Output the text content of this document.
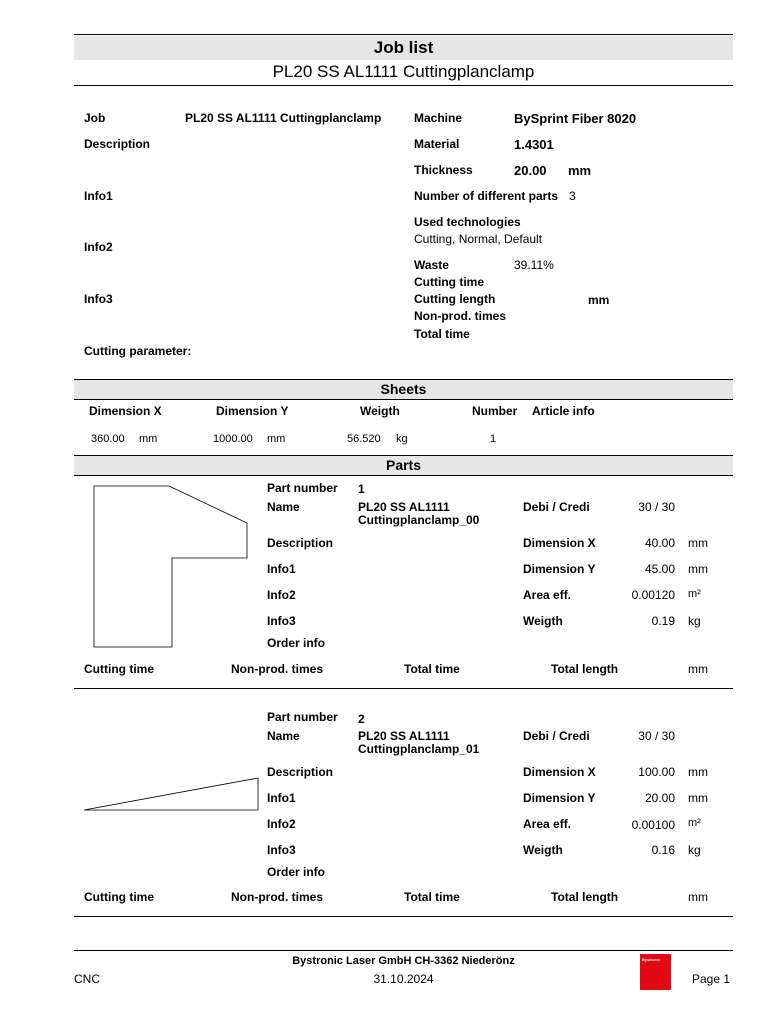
Job list
PL20 SS AL1111 Cuttingplanclamp
Job	PL20 SS AL1111 Cuttingplanclamp
Description
Info1
Info2
Info3
Cutting parameter:
Machine	BySprint Fiber 8020
Material	1.4301
Thickness	20.00 mm
Number of different parts 3
Used technologies
Cutting, Normal, Default
Waste	39.11%
Cutting time
Cutting length	mm
Non-prod. times
Total time
Sheets
Dimension X	Dimension Y	Weigth	Number Article info
360.00 mm	1000.00 mm	56.520 kg	1
Parts
Part number 1
Name	PL20 SS AL1111
Cuttingplanclamp_00
Debi / Credi	30 / 30
Description	Dimension X	40.00 mm
Info1	Dimension Y	45.00 mm
Info2	Area eff.	0.00120 m²
Info3	Weigth	0.19 kg
Order info
Cutting time	Non-prod. times	Total time	Total length	mm
Part number 2
Name	PL20 SS AL1111
Cuttingplanclamp_01
Debi / Credi	30 / 30
Description	Dimension X	100.00 mm
Info1	Dimension Y	20.00 mm
Info2	Area eff.	0.00100 m²
Info3	Weigth	0.16 kg
Order info
Cutting time	Non-prod. times	Total time	Total length	mm
Bystronic Laser GmbH CH-3362 Niederönz
CNC	31.10.2024
Bystronic
Page 1
